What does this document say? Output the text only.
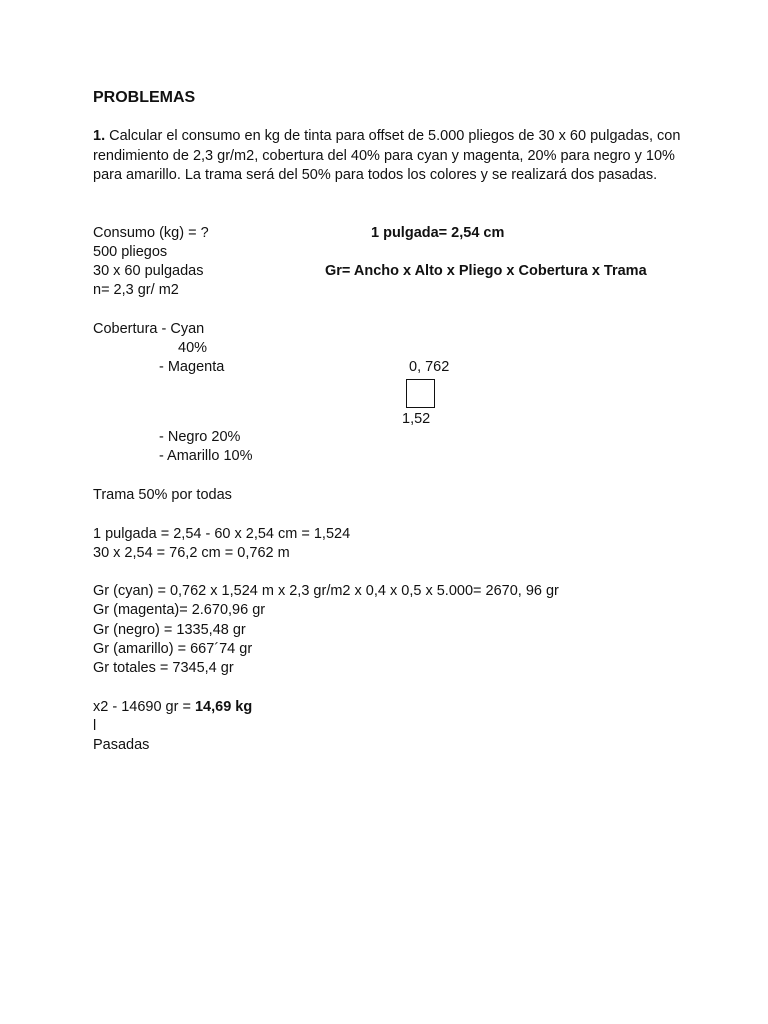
PROBLEMAS
1. Calcular el consumo en kg de tinta para offset de 5.000 pliegos de 30 x 60 pulgadas, con rendimiento de 2,3 gr/m2, cobertura del 40% para cyan y magenta, 20% para negro y 10% para amarillo. La trama será del 50% para todos los colores y se realizará dos pasadas.
Consumo (kg) = ?	1 pulgada= 2,54 cm
500 pliegos
30 x 60 pulgadas	Gr= Ancho x Alto x Pliego x Cobertura x Trama
n= 2,3 gr/ m2
Cobertura - Cyan
40%
- Magenta	0, 762
1,52
- Negro 20%
- Amarillo 10%
Trama 50% por todas
1 pulgada = 2,54 - 60 x 2,54 cm = 1,524
30 x 2,54 = 76,2 cm = 0,762 m
Gr (cyan) = 0,762 x 1,524 m x 2,3 gr/m2 x 0,4 x 0,5 x 5.000= 2670, 96 gr
Gr (magenta)= 2.670,96 gr
Gr (negro) = 1335,48 gr
Gr (amarillo) = 667´74 gr
Gr totales = 7345,4 gr
x2 - 14690 gr = 14,69 kg
l
Pasadas
